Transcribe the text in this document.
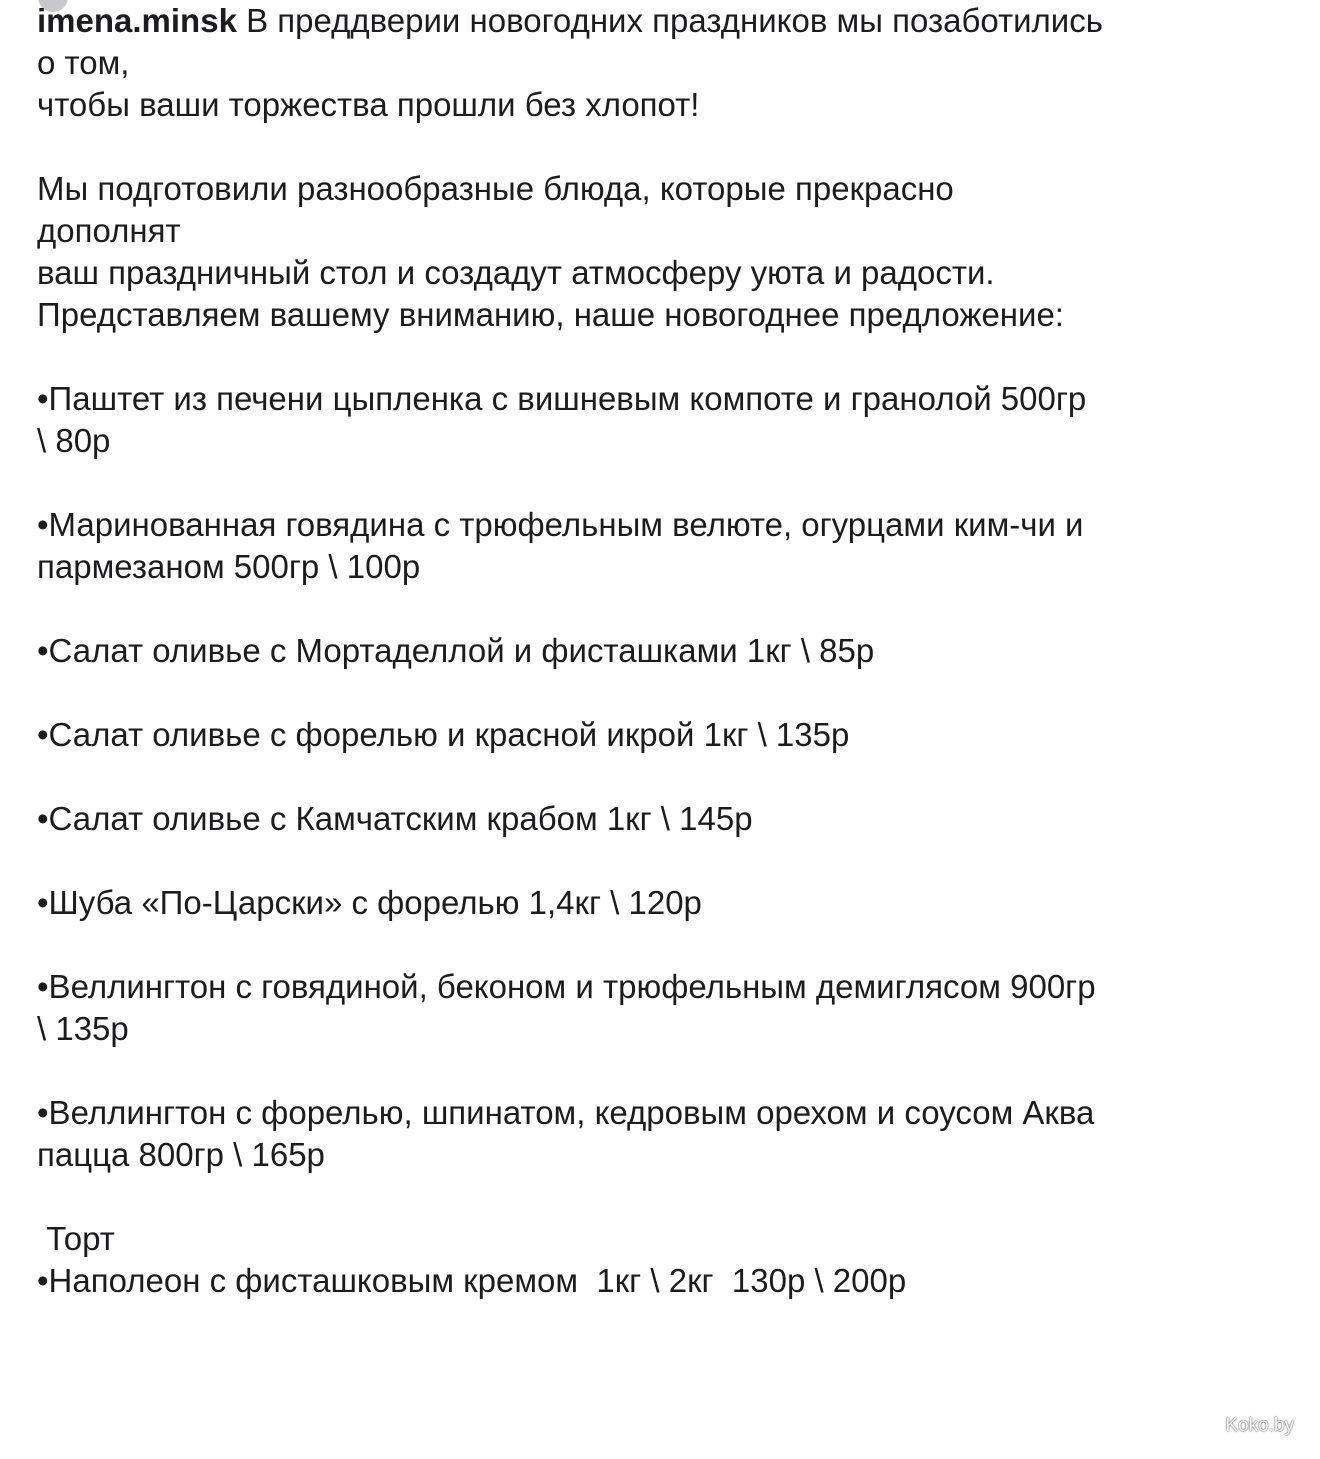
imena.minsk В преддверии новогодних праздников мы позаботились
о том,
чтобы ваши торжества прошли без хлопот!

Мы подготовили разнообразные блюда, которые прекрасно
дополнят
ваш праздничный стол и создадут атмосферу уюта и радости.
Представляем вашему вниманию, наше новогоднее предложение:

•Паштет из печени цыпленка с вишневым компоте и гранолой 500гр
\ 80р

•Маринованная говядина с трюфельным велюте, огурцами ким-чи и
пармезаном 500гр \ 100р

•Салат оливье с Мортаделлой и фисташками 1кг \ 85р

•Салат оливье с форелью и красной икрой 1кг \ 135р

•Салат оливье с Камчатским крабом 1кг \ 145р

•Шуба «По-Царски» с форелью 1,4кг \ 120р

•Веллингтон с говядиной, беконом и трюфельным демиглясом 900гр
\ 135р

•Веллингтон с форелью, шпинатом, кедровым орехом и соусом Аква
пацца 800гр \ 165р

Торт
•Наполеон с фисташковым кремом  1кг \ 2кг  130р \ 200р
Koko.by
